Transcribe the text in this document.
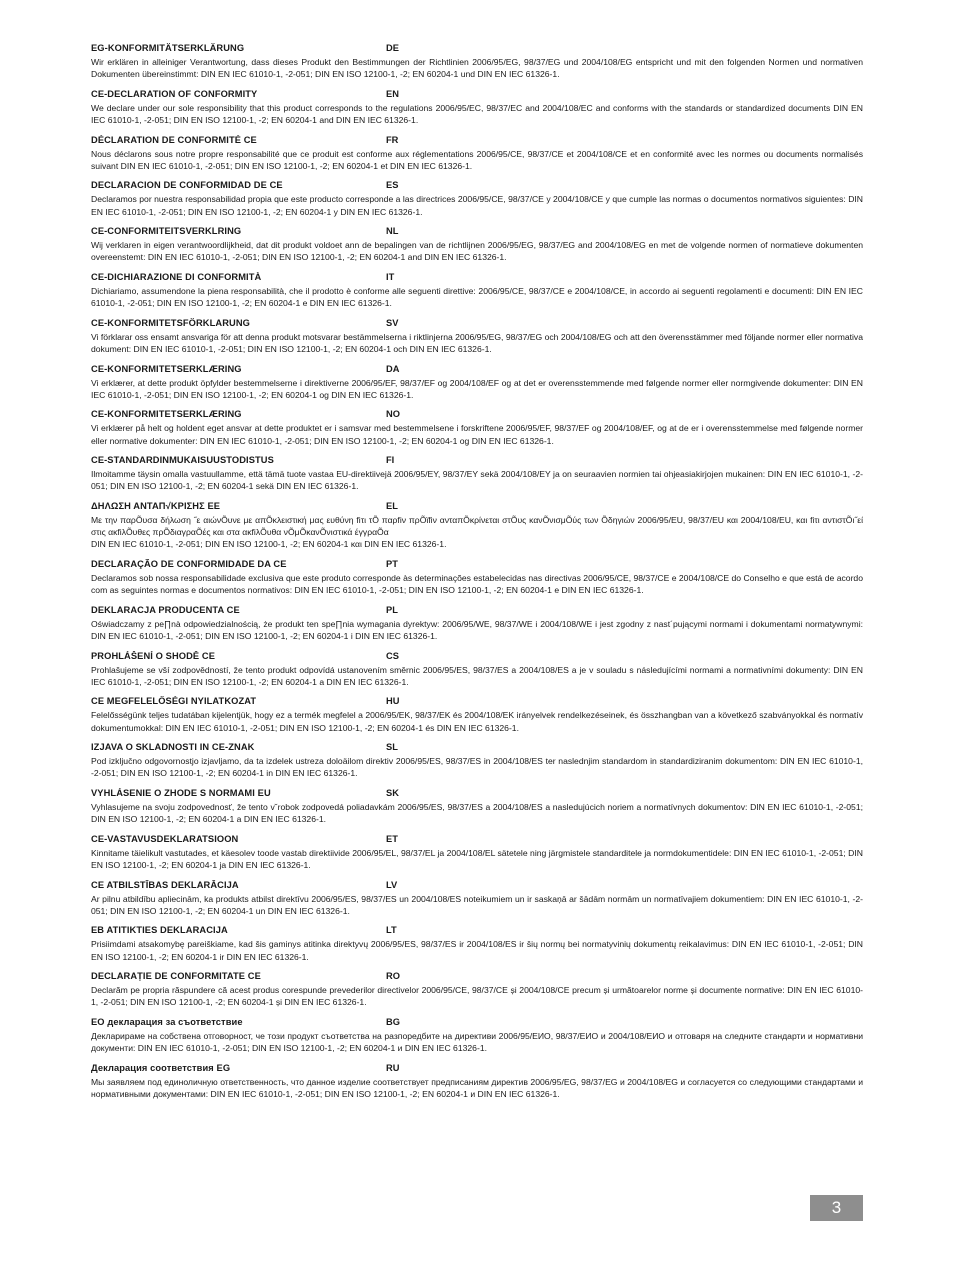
EG-KONFORMITÄTSERKLÄRUNG	DE
Wir erklären in alleiniger Verantwortung, dass dieses Produkt den Bestimmungen der Richtlinien 2006/95/EG, 98/37/EG und 2004/108/EG entspricht und mit den folgenden Normen und normativen Dokumenten übereinstimmt: DIN EN IEC 61010-1, -2-051; DIN EN ISO 12100-1, -2; EN 60204-1 und DIN EN IEC 61326-1.
CE-DECLARATION OF CONFORMITY	EN
We declare under our sole responsibility that this product corresponds to the regulations 2006/95/EC, 98/37/EC and 2004/108/EC and conforms with the standards or standardized documents DIN EN IEC 61010-1, -2-051; DIN EN ISO 12100-1, -2; EN 60204-1 and DIN EN IEC 61326-1.
DÉCLARATION DE CONFORMITÉ CE	FR
Nous déclarons sous notre propre responsabilité que ce produit est conforme aux réglementations 2006/95/CE, 98/37/CE et 2004/108/CE et en conformité avec les normes ou documents normalisés suivant DIN EN IEC 61010-1, -2-051; DIN EN ISO 12100-1, -2; EN 60204-1 et DIN EN IEC 61326-1.
DECLARACION DE CONFORMIDAD DE CE	ES
Declaramos por nuestra responsabilidad propia que este producto corresponde a las directrices 2006/95/CE, 98/37/CE y 2004/108/CE y que cumple las normas o documentos normativos siguientes: DIN EN IEC 61010-1, -2-051; DIN EN ISO 12100-1, -2; EN 60204-1 y DIN EN IEC 61326-1.
CE-CONFORMITEITSVERKLRING	NL
Wij verklaren in eigen verantwoordlijkheid, dat dit produkt voldoet ann de bepalingen van de richtlijnen 2006/95/EG, 98/37/EG and 2004/108/EG en met de volgende normen of normatieve dokumenten overeenstemt: DIN EN IEC 61010-1, -2-051; DIN EN ISO 12100-1, -2; EN 60204-1 and DIN EN IEC 61326-1.
CE-DICHIARAZIONE DI CONFORMITÀ	IT
Dichiariamo, assumendone la piena responsabilità, che il prodotto è conforme alle seguenti direttive: 2006/95/CE, 98/37/CE e 2004/108/CE, in accordo ai seguenti regolamenti e documenti: DIN EN IEC 61010-1, -2-051; DIN EN ISO 12100-1, -2; EN 60204-1 e DIN EN IEC 61326-1.
CE-KONFORMITETSFÖRKLARUNG	SV
Vi förklarar oss ensamt ansvariga för att denna produkt motsvarar bestämmelserna i riktlinjerna 2006/95/EG, 98/37/EG och 2004/108/EG och att den överensstämmer med följande normer eller normativa dokument: DIN EN IEC 61010-1, -2-051; DIN EN ISO 12100-1, -2; EN 60204-1 och DIN EN IEC 61326-1.
CE-KONFORMITETSERKLÆRING	DA
Vi erklærer, at dette produkt öpfylder bestemmelserne i direktiverne 2006/95/EF, 98/37/EF og 2004/108/EF og at det er overensstemmende med følgende normer eller normgivende dokumenter: DIN EN IEC 61010-1, -2-051; DIN EN ISO 12100-1, -2; EN 60204-1 og DIN EN IEC 61326-1.
CE-KONFORMITETSERKLÆRING	NO
Vi erklærer på helt og holdent eget ansvar at dette produktet er i samsvar med bestemmelsene i forskriftene 2006/95/EF, 98/37/EF og 2004/108/EF, og at de er i overensstemmelse med følgende normer eller normative dokumenter: DIN EN IEC 61010-1, -2-051; DIN EN ISO 12100-1, -2; EN 60204-1 og DIN EN IEC 61326-1.
CE-STANDARDINMUKAISUUSTODISTUS	FI
Ilmoitamme täysin omalla vastuullamme, että tämä tuote vastaa EU-direktiivejä 2006/95/EY, 98/37/EY sekä 2004/108/EY ja on seuraavien normien tai ohjeasiakirjojen mukainen: DIN EN IEC 61010-1, -2-051; DIN EN ISO 12100-1, -2; EN 60204-1 sekä DIN EN IEC 61326-1.
ΔΗΛΩΣΗ ΑΝΤΑΠ√ΚΡΙΣΗΣ ΕΕ	EL
Με την παρÕυσα δήλωση ˝ε αιώνÕυνε με απÕκλειστική μας ευθύνη fiτι τÕ παρfiν πρÕϊfiν ανταπÕκρίνεται στÕυς κανÕνισμÕύς των Õδηγιών 2006/95/EU, 98/37/EU και 2004/108/EU, και fiτι αντιστÕι˝εί στις ακfiλÕυθες πρÕδιαγραÕές και στα ακfiλÕυθα νÕμÕκανÕνιστικά έγγραÕα
DIN EN IEC 61010-1, -2-051; DIN EN ISO 12100-1, -2; EN 60204-1 και DIN EN IEC 61326-1.
DECLARAÇÃO DE CONFORMIDADE DA CE	PT
Declaramos sob nossa responsabilidade exclusiva que este produto corresponde às determinações estabelecidas nas directivas 2006/95/CE, 98/37/CE e 2004/108/CE do Conselho e que está de acordo com as seguintes normas e documentos normativos: DIN EN IEC 61010-1, -2-051; DIN EN ISO 12100-1, -2; EN 60204-1 e DIN EN IEC 61326-1.
DEKLARACJA PRODUCENTA CE	PL
Oświadczamy z pe∏nà odpowiedzialnością, że produkt ten spe∏nia wymagania dyrektyw: 2006/95/WE, 98/37/WE i 2004/108/WE i jest zgodny z nast´pującymi normami i dokumentami normatywnymi: DIN EN IEC 61010-1, -2-051; DIN EN ISO 12100-1, -2; EN 60204-1 i DIN EN IEC 61326-1.
PROHLÁŠENÍ O SHODĚ CE	CS
Prohlašujeme se vší zodpovědností, že tento produkt odpovídá ustanovením směrnic 2006/95/ES, 98/37/ES a 2004/108/ES a je v souladu s následujícími normami a normativními dokumenty: DIN EN IEC 61010-1, -2-051; DIN EN ISO 12100-1, -2; EN 60204-1 a DIN EN IEC 61326-1.
CE MEGFELELŐSÉGI NYILATKOZAT	HU
Felelősségünk teljes tudatában kijelentjük, hogy ez a termék megfelel a 2006/95/EK, 98/37/EK és 2004/108/EK irányelvek rendelkezéseinek, és összhangban van a következő szabványokkal és normatív dokumentumokkal: DIN EN IEC 61010-1, -2-051; DIN EN ISO 12100-1, -2; EN 60204-1 és DIN EN IEC 61326-1.
IZJAVA O SKLADNOSTI IN CE-ZNAK	SL
Pod izključno odgovornostjo izjavljamo, da ta izdelek ustreza doloäilom direktiv 2006/95/ES, 98/37/ES in 2004/108/ES ter naslednjim standardom in standardiziranim dokumentom: DIN EN IEC 61010-1, -2-051; DIN EN ISO 12100-1, -2; EN 60204-1 in DIN EN IEC 61326-1.
VYHLÁSENIE O ZHODE S NORMAMI EU	SK
Vyhlasujeme na svoju zodpovednosť, že tento v˘robok zodpovedá poliadavkám 2006/95/ES, 98/37/ES a 2004/108/ES a nasledujúcich noriem a normatívnych dokumentov: DIN EN IEC 61010-1, -2-051; DIN EN ISO 12100-1, -2; EN 60204-1 a DIN EN IEC 61326-1.
CE-VASTAVUSDEKLARATSIOON	ET
Kinnitame täielikult vastutades, et käesolev toode vastab direktiivide 2006/95/EL, 98/37/EL ja 2004/108/EL sätetele ning järgmistele standarditele ja normdokumentidele: DIN EN IEC 61010-1, -2-051; DIN EN ISO 12100-1, -2; EN 60204-1 ja DIN EN IEC 61326-1.
CE ATBILSTĪBAS DEKLARĀCIJA	LV
Ar pilnu atbildību apliecinām, ka produkts atbilst direktīvu 2006/95/ES, 98/37/ES un 2004/108/ES noteikumiem un ir saskaņā ar šādām normām un normatīvajiem dokumentiem: DIN EN IEC 61010-1, -2-051; DIN EN ISO 12100-1, -2; EN 60204-1 un DIN EN IEC 61326-1.
EB ATITIKTIES DEKLARACIJA	LT
Prisiimdami atsakomybę pareiškiame, kad šis gaminys atitinka direktyvų 2006/95/ES, 98/37/ES ir 2004/108/ES ir šių normų bei normatyvinių dokumentų reikalavimus: DIN EN IEC 61010-1, -2-051; DIN EN ISO 12100-1, -2; EN 60204-1 ir DIN EN IEC 61326-1.
DECLARAȚIE DE CONFORMITATE CE	RO
Declarăm pe propria răspundere că acest produs corespunde prevederilor directivelor 2006/95/CE, 98/37/CE și 2004/108/CE precum și următoarelor norme și documente normative: DIN EN IEC 61010-1, -2-051; DIN EN ISO 12100-1, -2; EN 60204-1 și DIN EN IEC 61326-1.
ЕО декларация за съответствие	BG
Декларираме на собствена отговорност, че този продукт съответства на разпоредбите на директиви 2006/95/ЕИО, 98/37/ЕИО и 2004/108/ЕИО и отговаря на следните стандарти и нормативни документи: DIN EN IEC 61010-1, -2-051; DIN EN ISO 12100-1, -2; EN 60204-1 и DIN EN IEC 61326-1.
Декларация соответствия EG	RU
Мы заявляем под единоличную ответственность, что данное изделие соответствует предписаниям директив 2006/95/EG, 98/37/EG и 2004/108/EG и согласуется со следующими стандартами и нормативными документами: DIN EN IEC 61010-1, -2-051; DIN EN ISO 12100-1, -2; EN 60204-1 и DIN EN IEC 61326-1.
3
